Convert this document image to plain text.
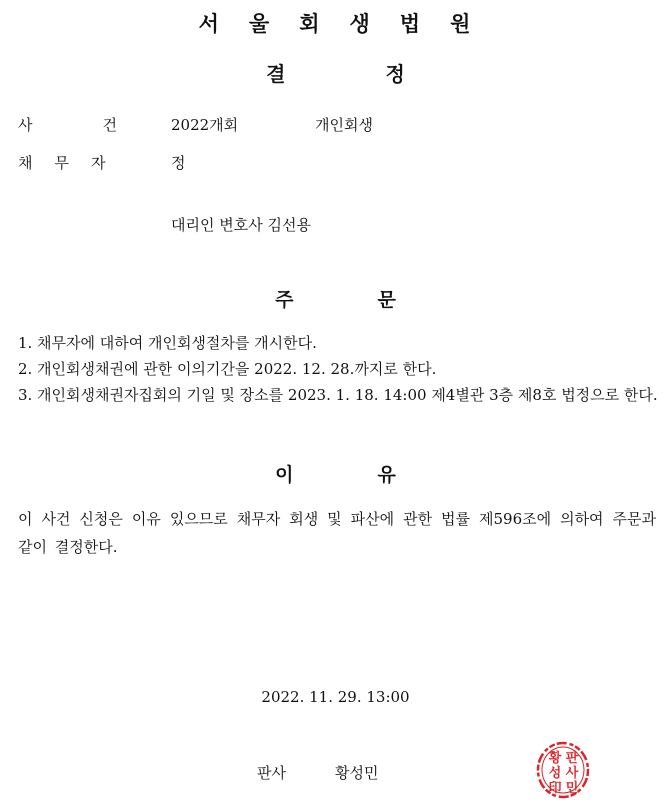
서 울 회 생 법 원
결	정
사	건	2022개회	개인회생
채 무 자	정
대리인 변호사 김선용
주	문
1. 채무자에 대하여 개인회생절차를 개시한다.
2. 개인회생채권에 관한 이의기간을 2022. 12. 28.까지로 한다.
3. 개인회생채권자집회의 기일 및 장소를 2023. 1. 18. 14:00 제4별관 3층 제8호 법정으로 한다.
이	유
이 사건 신청은 이유 있으므로 채무자 회생 및 파산에 관한 법률 제596조에 의하여 주문과 같이 결정한다.
2022. 11. 29. 13:00
판사	황성민
판
사
황
성
민
印
